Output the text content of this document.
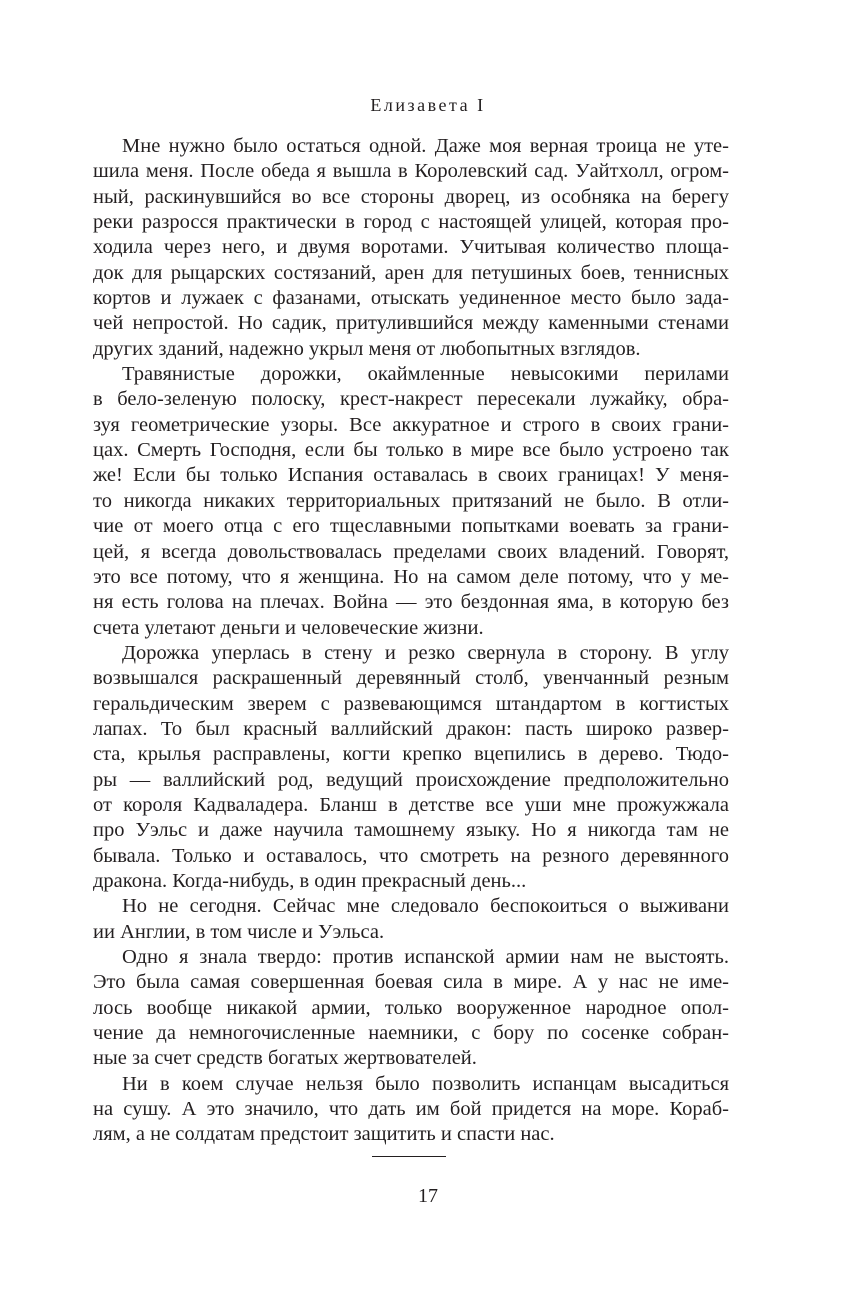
Елизавета I
Мне нужно было остаться одной. Даже моя верная троица не уте-
шила меня. После обеда я вышла в Королевский сад. Уайтхолл, огром-
ный, раскинувшийся во все стороны дворец, из особняка на берегу
реки разросся практически в город с настоящей улицей, которая про-
ходила через него, и двумя воротами. Учитывая количество площа-
док для рыцарских состязаний, арен для петушиных боев, теннисных
кортов и лужаек с фазанами, отыскать уединенное место было зада-
чей непростой. Но садик, притулившийся между каменными стенами
других зданий, надежно укрыл меня от любопытных взглядов.
Травянистые дорожки, окаймленные невысокими перилами
в бело-зеленую полоску, крест-накрест пересекали лужайку, обра-
зуя геометрические узоры. Все аккуратное и строго в своих грани-
цах. Смерть Господня, если бы только в мире все было устроено так
же! Если бы только Испания оставалась в своих границах! У меня-
то никогда никаких территориальных притязаний не было. В отли-
чие от моего отца с его тщеславными попытками воевать за грани-
цей, я всегда довольствовалась пределами своих владений. Говорят,
это все потому, что я женщина. Но на самом деле потому, что у ме-
ня есть голова на плечах. Война — это бездонная яма, в которую без
счета улетают деньги и человеческие жизни.
Дорожка уперлась в стену и резко свернула в сторону. В углу
возвышался раскрашенный деревянный столб, увенчанный резным
геральдическим зверем с развевающимся штандартом в когтистых
лапах. То был красный валлийский дракон: пасть широко развер-
ста, крылья расправлены, когти крепко вцепились в дерево. Тюдо-
ры — валлийский род, ведущий происхождение предположительно
от короля Кадваладера. Бланш в детстве все уши мне прожужжала
про Уэльс и даже научила тамошнему языку. Но я никогда там не
бывала. Только и оставалось, что смотреть на резного деревянного
дракона. Когда-нибудь, в один прекрасный день...
Но не сегодня. Сейчас мне следовало беспокоиться о выживани
ии Англии, в том числе и Уэльса.
Одно я знала твердо: против испанской армии нам не выстоять.
Это была самая совершенная боевая сила в мире. А у нас не име-
лось вообще никакой армии, только вооруженное народное опол-
чение да немногочисленные наемники, с бору по сосенке собран-
ные за счет средств богатых жертвователей.
Ни в коем случае нельзя было позволить испанцам высадиться
на сушу. А это значило, что дать им бой придется на море. Кораб-
лям, а не солдатам предстоит защитить и спасти нас.
17
